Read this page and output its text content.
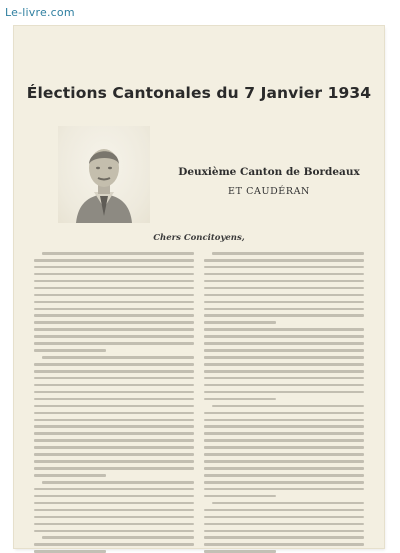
Le-livre.com
Élections Cantonales du 7 Janvier 1934
Deuxième Canton de Bordeaux
ET CAUDÉRAN
Chers Concitoyens,
